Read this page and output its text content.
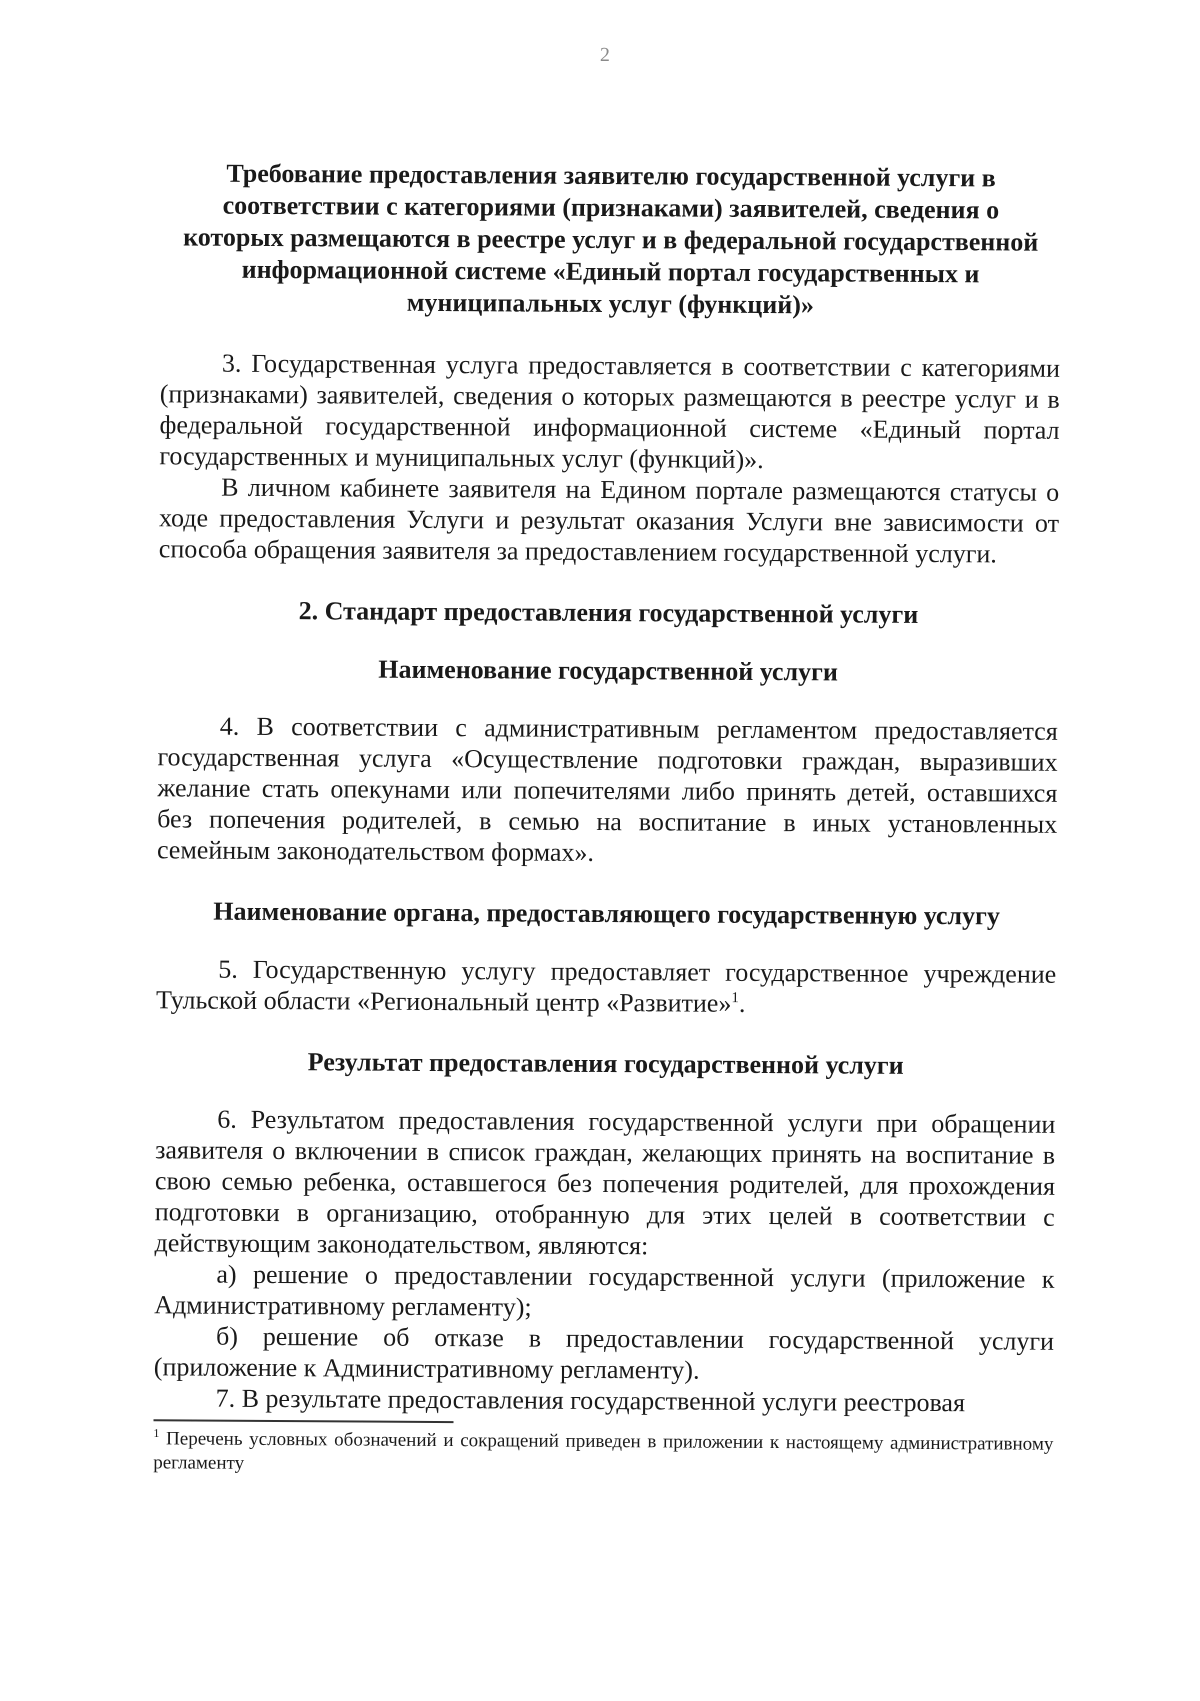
2
Требование предоставления заявителю государственной услуги в соответствии с категориями (признаками) заявителей, сведения о которых размещаются в реестре услуг и в федеральной государственной информационной системе «Единый портал государственных и муниципальных услуг (функций)»

3. Государственная услуга предоставляется в соответствии с категориями (признаками) заявителей, сведения о которых размещаются в реестре услуг и в федеральной государственной информационной системе «Единый портал государственных и муниципальных услуг (функций)».

В личном кабинете заявителя на Едином портале размещаются статусы о ходе предоставления Услуги и результат оказания Услуги вне зависимости от способа обращения заявителя за предоставлением государственной услуги.

2. Стандарт предоставления государственной услуги
Наименование государственной услуги

4. В соответствии с административным регламентом предоставляется государственная услуга «Осуществление подготовки граждан, выразивших желание стать опекунами или попечителями либо принять детей, оставшихся без попечения родителей, в семью на воспитание в иных установленных семейным законодательством формах».

Наименование органа, предоставляющего государственную услугу

5. Государственную услугу предоставляет государственное учреждение Тульской области «Региональный центр «Развитие»$^1$.

Результат предоставления государственной услуги

6. Результатом предоставления государственной услуги при обращении заявителя о включении в список граждан, желающих принять на воспитание в свою семью ребенка, оставшегося без попечения родителей, для прохождения подготовки в организацию, отобранную для этих целей в соответствии с действующим законодательством, являются:

а) решение о предоставлении государственной услуги (приложение к Административному регламенту);

б) решение об отказе в предоставлении государственной услуги (приложение к Административному регламенту).

7. В результате предоставления государственной услуги реестровая

$^1$ Перечень условных обозначений и сокращений приведен в приложении к настоящему административному регламенту
